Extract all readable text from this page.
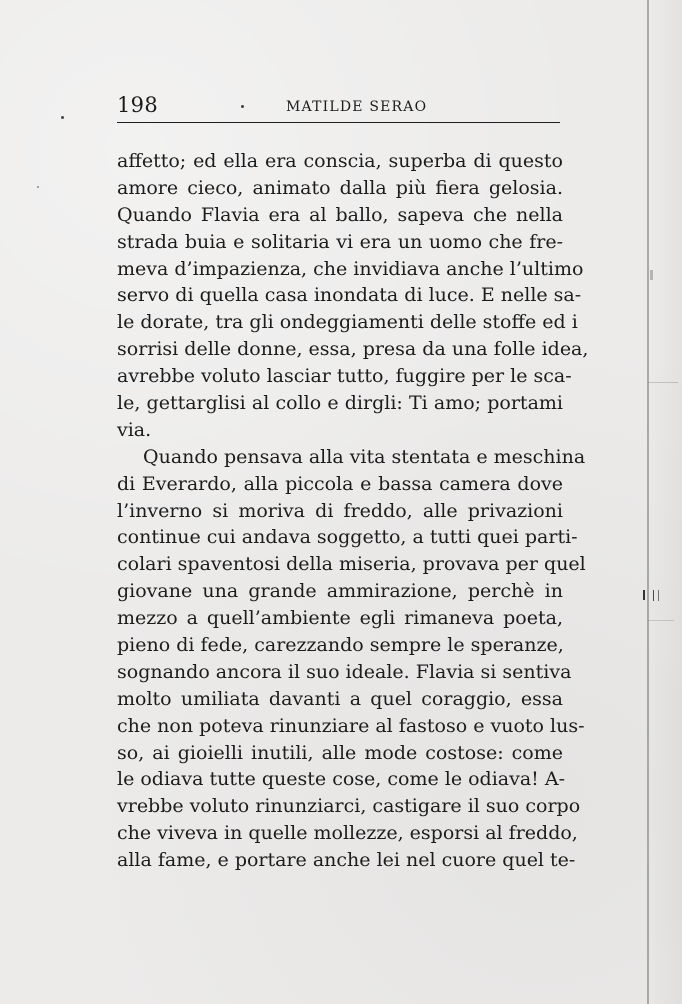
198	MATILDE SERAO
affetto; ed ella era conscia, superba di questo
amore cieco, animato dalla più fiera gelosia.
Quando Flavia era al ballo, sapeva che nella
strada buia e solitaria vi era un uomo che fre-
meva d’impazienza, che invidiava anche l’ultimo
servo di quella casa inondata di luce. E nelle sa-
le dorate, tra gli ondeggiamenti delle stoffe ed i
sorrisi delle donne, essa, presa da una folle idea,
avrebbe voluto lasciar tutto, fuggire per le sca-
le, gettarglisi al collo e dirgli: Ti amo; portami
via.
Quando pensava alla vita stentata e meschina
di Everardo, alla piccola e bassa camera dove
l’inverno si moriva di freddo, alle privazioni
continue cui andava soggetto, a tutti quei parti-
colari spaventosi della miseria, provava per quel
giovane una grande ammirazione, perchè in
mezzo a quell’ambiente egli rimaneva poeta,
pieno di fede, carezzando sempre le speranze,
sognando ancora il suo ideale. Flavia si sentiva
molto umiliata davanti a quel coraggio, essa
che non poteva rinunziare al fastoso e vuoto lus-
so, ai gioielli inutili, alle mode costose: come
le odiava tutte queste cose, come le odiava! A-
vrebbe voluto rinunziarci, castigare il suo corpo
che viveva in quelle mollezze, esporsi al freddo,
alla fame, e portare anche lei nel cuore quel te-
